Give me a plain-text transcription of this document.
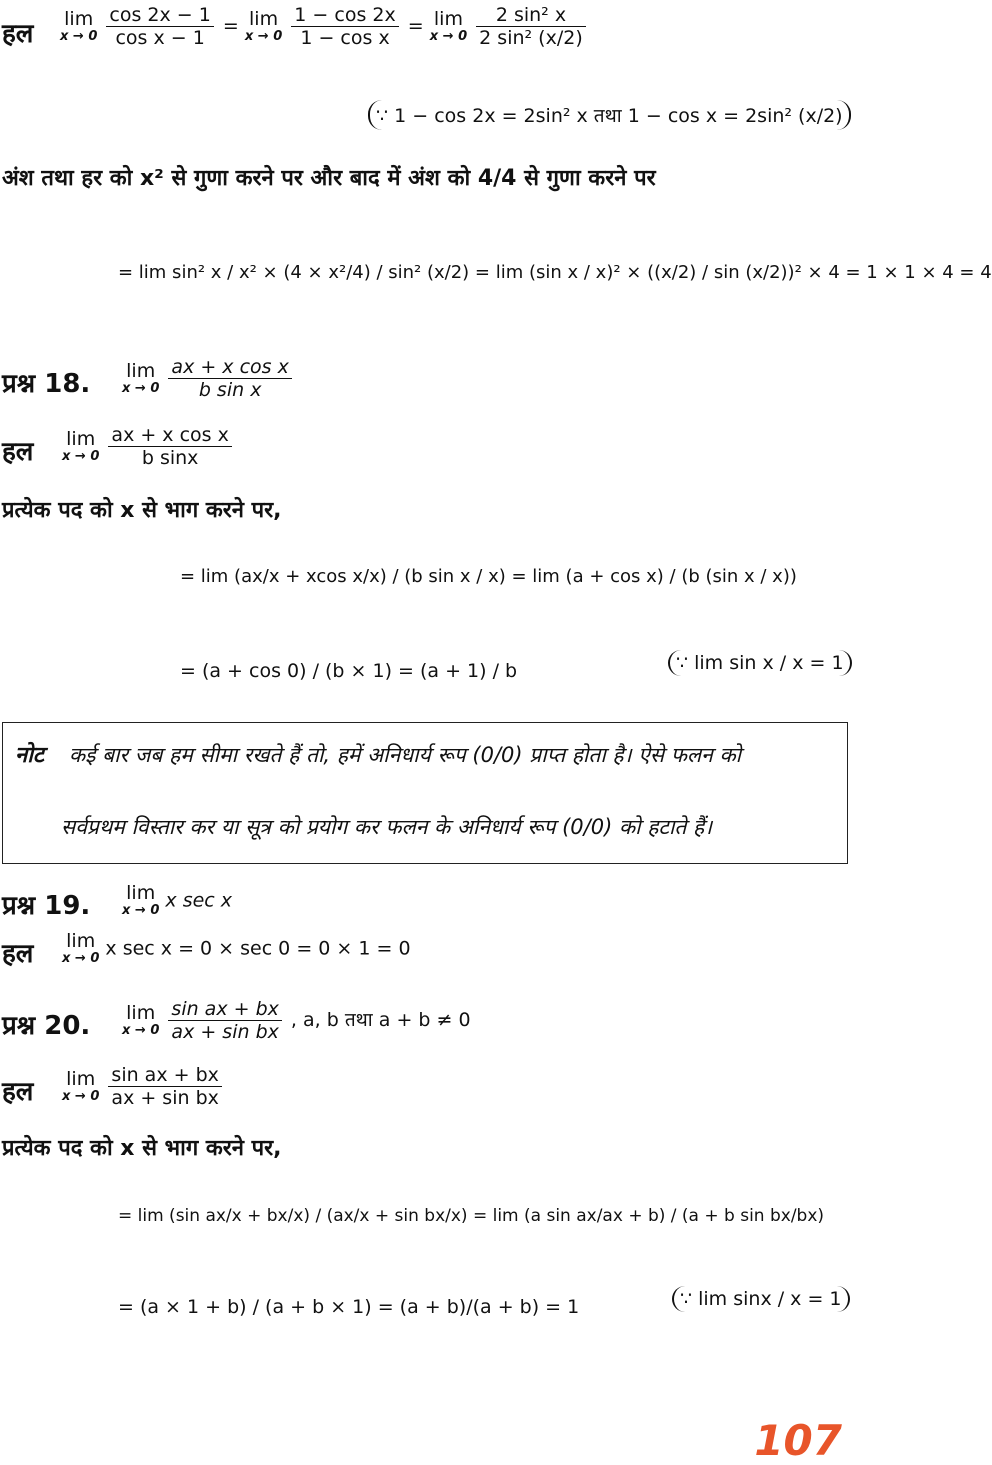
हल
lim
x → 0
$\frac{\cos 2x - 1}{\text{cos x − 1}} = \lim$
x → 0
$\frac{1 - \cos 2x}{\text{1 − cos x}} = \lim$
x → 0
$\frac{\text{2 sin² x}}{\text{2 sin² (x/2)}}$
∵ 1 − cos 2x = 2sin² x तथा 1 − cos x = 2sin² (x/2)
अंश तथा हर को x² से गुणा करने पर और बाद में अंश को 4/4 से गुणा करने पर
= lim sin² x / x² × (4 × x²/4) / sin² (x/2) = lim (sin x / x)² × ((x/2) / sin (x/2))² × 4 = 1 × 1 × 4 = 4
प्रश्न 18. lim
x → 0
$\frac{\text{ax + x cos x}}{\text{b sin x}}$
हल lim
x → 0
$\frac{\text{ax + x cos x}}{\text{b sinx}}$
प्रत्येक पद को x से भाग करने पर,
= lim (ax/x + xcos x/x) / (b sin x / x) = lim (a + cos x) / (b (sin x / x))
= (a + cos 0) / (b × 1) = (a + 1) / b	∵ lim sin x / x = 1
नोट कई बार जब हम सीमा रखते हैं तो, हमें अनिधार्य रूप (0/0) प्राप्त होता है। ऐसे फलन को
सर्वप्रथम विस्तार कर या सूत्र को प्रयोग कर फलन के अनिधार्य रूप (0/0) को हटाते हैं।
प्रश्न 19. lim
x → 0 x sec x
हल lim
x → 0 x sec x = 0 × sec 0 = 0 × 1 = 0
प्रश्न 20. lim
x → 0
$\frac{\text{sin ax + bx}}{\text{ax + sin bx}}$ , a, b तथा a + b ≠ 0
हल lim
x → 0
$\frac{\text{sin ax + bx}}{\text{ax + sin bx}}$
प्रत्येक पद को x से भाग करने पर,
= lim (sin ax/x + bx/x) / (ax/x + sin bx/x) = lim (a sin ax/ax + b) / (a + b sin bx/bx)
= (a × 1 + b) / (a + b × 1) = (a + b)/(a + b) = 1	∵ lim sinx / x = 1
107
